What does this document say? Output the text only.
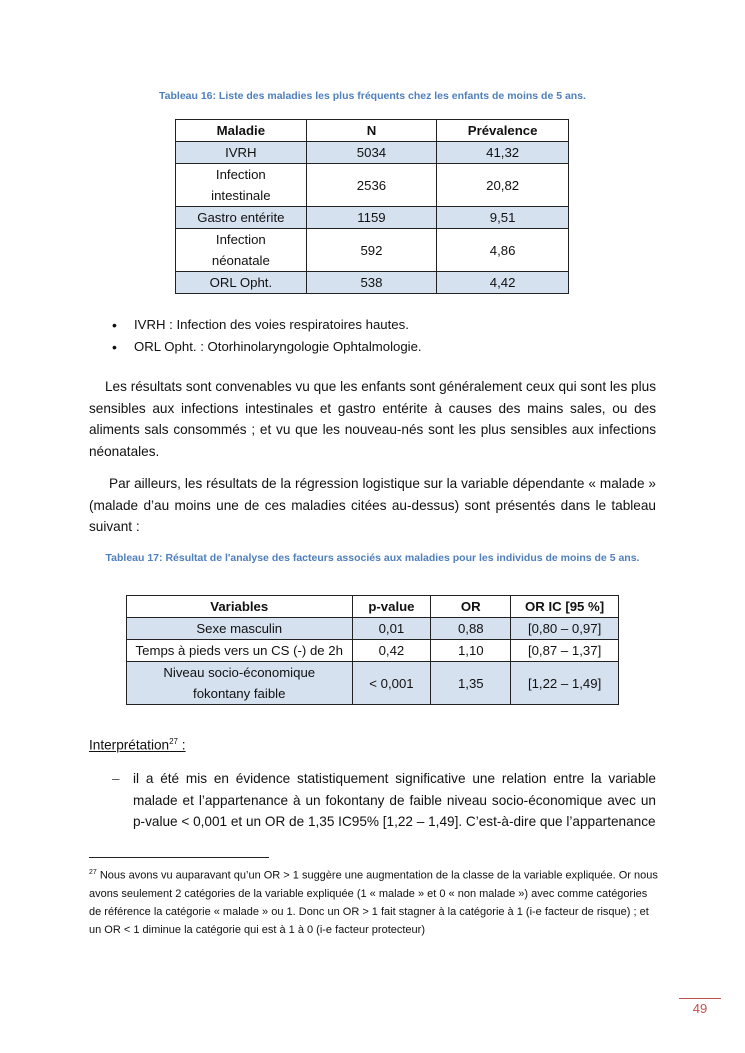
Tableau 16: Liste des maladies les plus fréquents chez les enfants de moins de 5 ans.
Maladie	N	Prévalence
IVRH	5034	41,32
Infection
intestinale	2536	20,82
Gastro entérite	1159	9,51
Infection
néonatale	592	4,86
ORL Opht.	538	4,42
• IVRH : Infection des voies respiratoires hautes.
• ORL Opht. : Otorhinolaryngologie Ophtalmologie.

Les résultats sont convenables vu que les enfants sont généralement ceux qui sont les plus sensibles aux infections intestinales et gastro entérite à causes des mains sales, ou des aliments sals consommés ; et vu que les nouveau-nés sont les plus sensibles aux infections néonatales.

Par ailleurs, les résultats de la régression logistique sur la variable dépendante « malade » (malade d’au moins une de ces maladies citées au-dessus) sont présentés dans le tableau suivant :

Tableau 17: Résultat de l'analyse des facteurs associés aux maladies pour les individus de moins de 5 ans.
Variables	p-value	OR	OR IC [95 %]
Sexe masculin	0,01	0,88	[0,80 – 0,97]
Temps à pieds vers un CS (-) de 2h	0,42	1,10	[0,87 – 1,37]
Niveau socio-économique
fokontany faible	< 0,001	1,35	[1,22 – 1,49]
Interprétation$^{27}$ :
– il a été mis en évidence statistiquement significative une relation entre la variable malade et l’appartenance à un fokontany de faible niveau socio-économique avec un p-value < 0,001 et un OR de 1,35 IC95% [1,22 – 1,49]. C’est-à-dire que l’appartenance

$^{27}$ Nous avons vu auparavant qu’un OR > 1 suggère une augmentation de la classe de la variable expliquée. Or nous avons seulement 2 catégories de la variable expliquée (1 « malade » et 0 « non malade ») avec comme catégories de référence la catégorie « malade » ou 1. Donc un OR > 1 fait stagner à la catégorie à 1 (i-e facteur de risque) ; et un OR < 1 diminue la catégorie qui est à 1 à 0 (i-e facteur protecteur)

49
